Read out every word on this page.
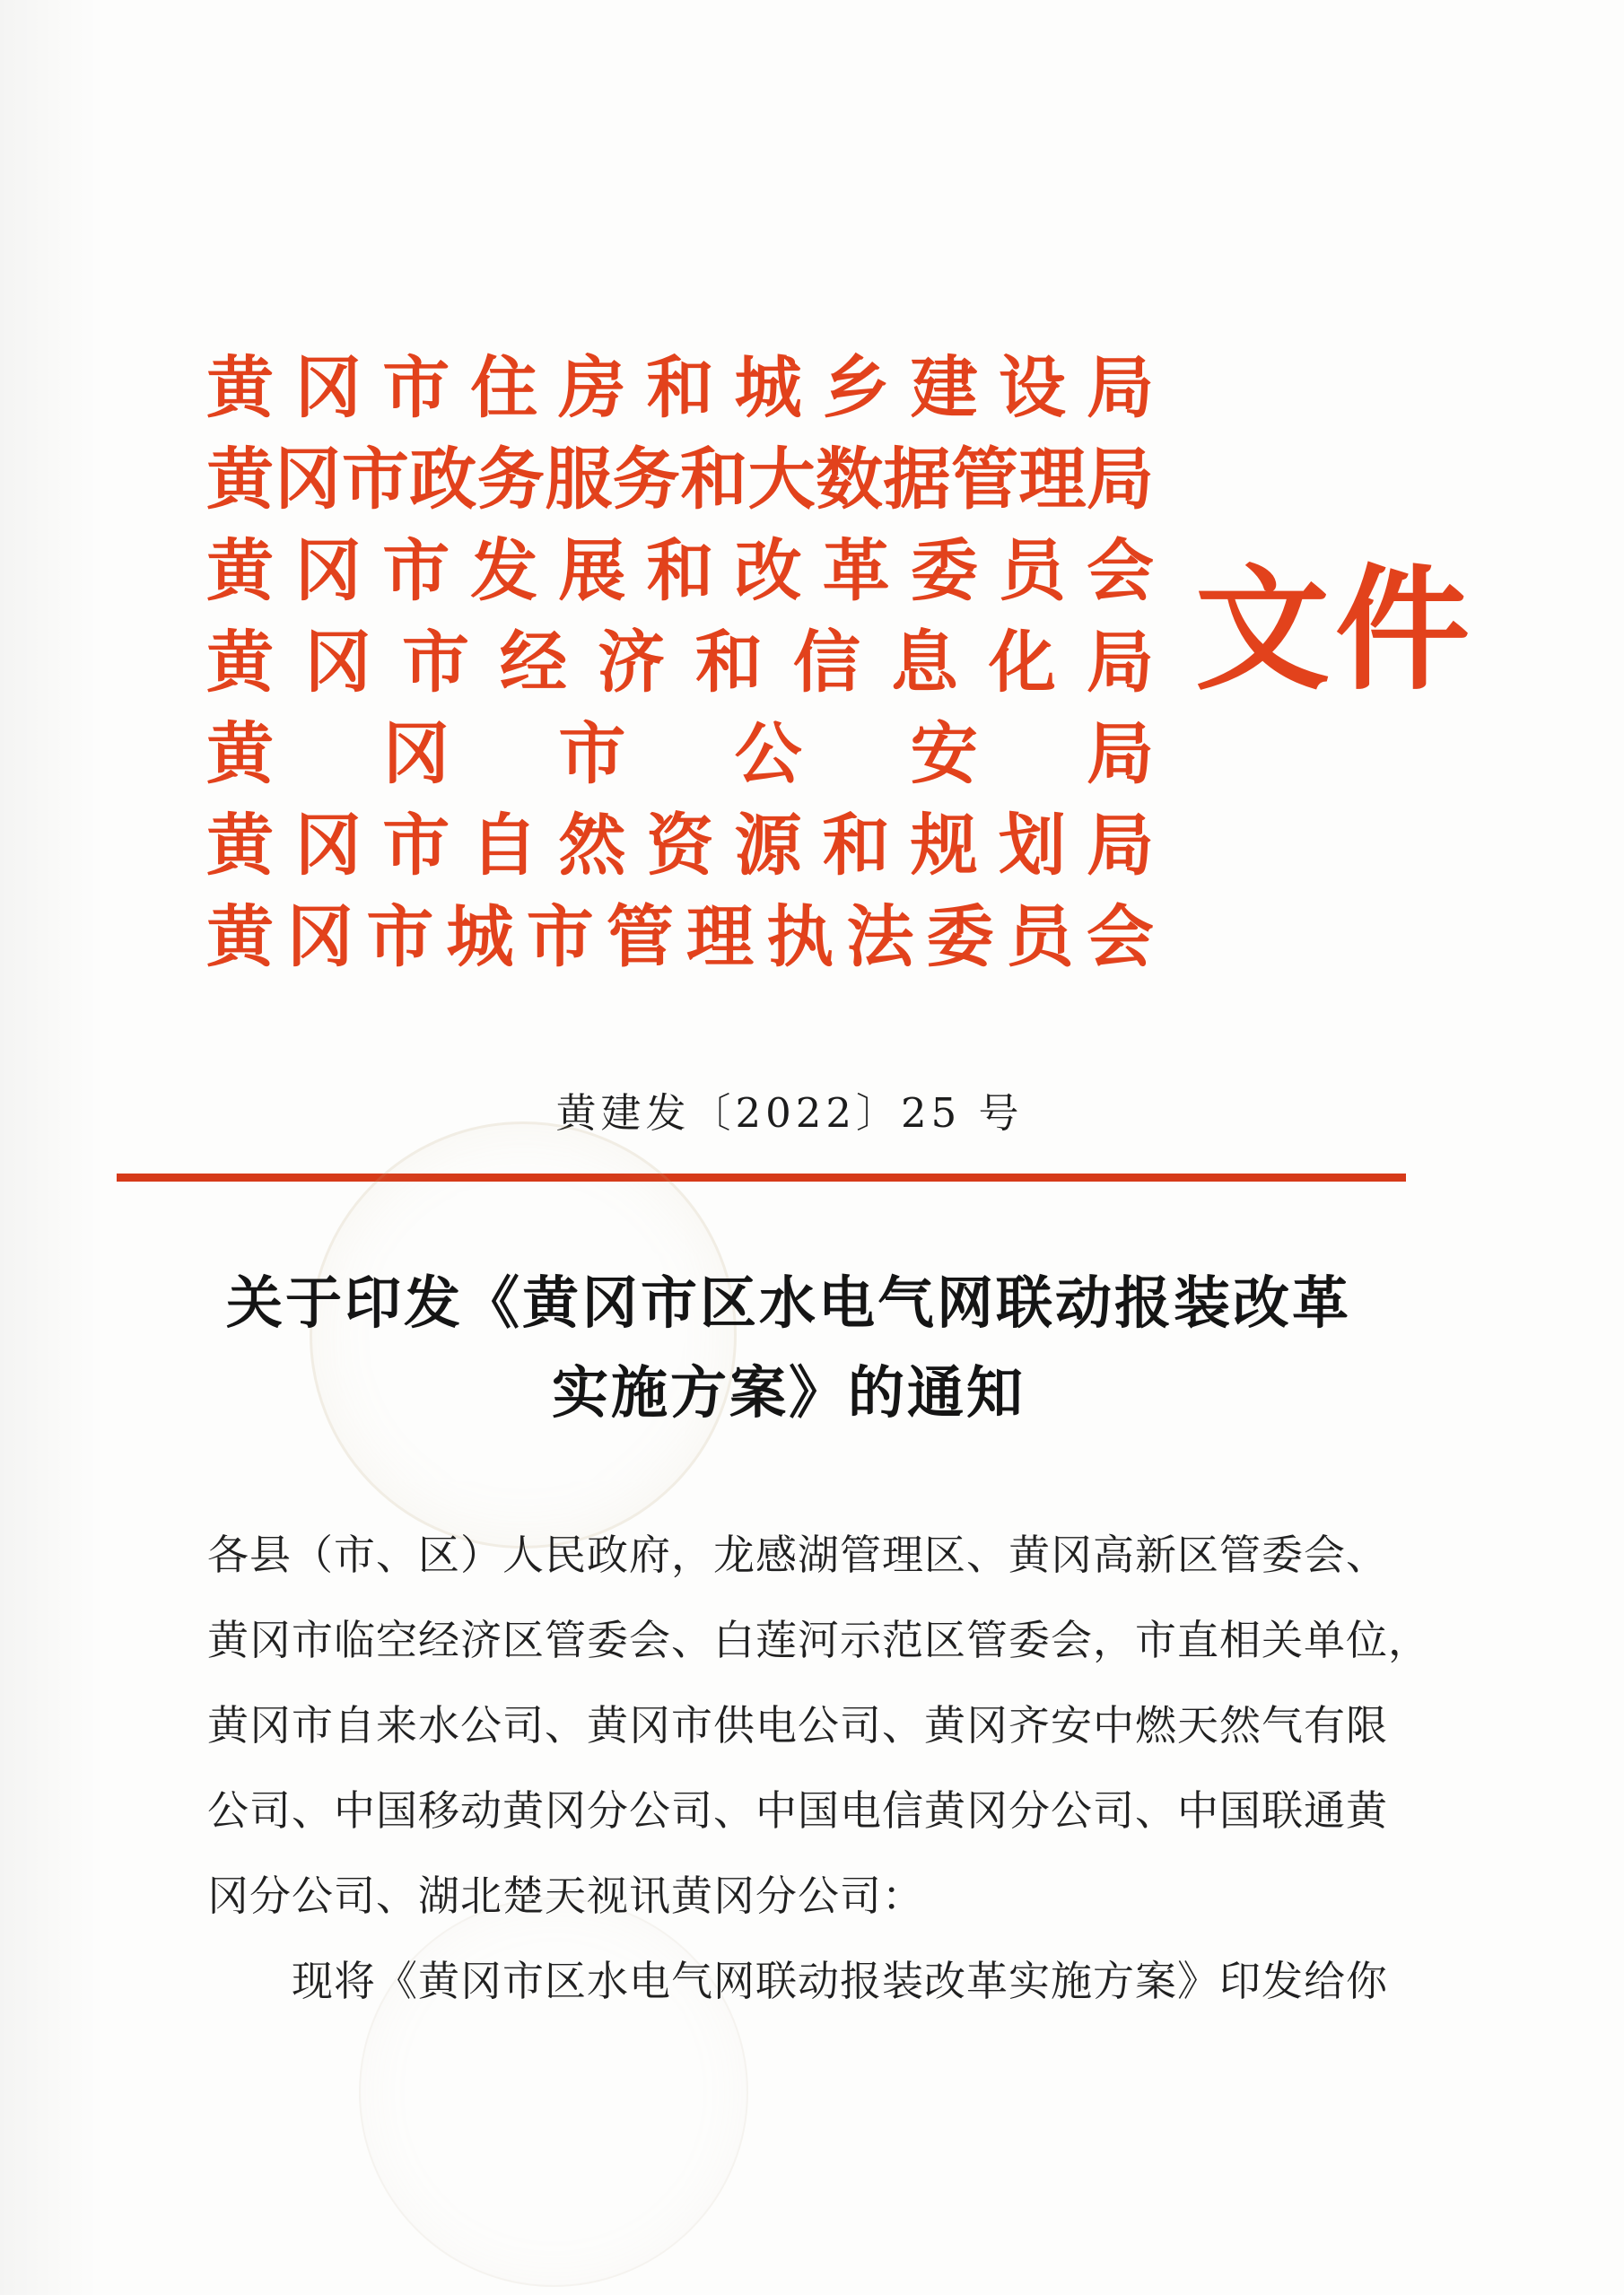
黄 冈 市 住 房 和 城 乡 建 设 局
黄 冈 市 政 务 服 务 和 大 数 据 管 理 局
黄 冈 市 发 展 和 改 革 委 员 会
黄 冈 市 经 济 和 信 息 化 局
黄 冈 市 公 安 局
黄 冈 市 自 然 资 源 和 规 划 局
黄 冈 市 城 市 管 理 执 法 委 员 会
文件
黄建发〔2022〕25 号
关于印发《黄冈市区水电气网联动报装改革
实施方案》的通知
各县（市、区）人民政府，龙感湖管理区、黄冈高新区管委会、
黄冈市临空经济区管委会、白莲河示范区管委会，市直相关单位，
黄冈市自来水公司、黄冈市供电公司、黄冈齐安中燃天然气有限
公司、中国移动黄冈分公司、中国电信黄冈分公司、中国联通黄
冈分公司、湖北楚天视讯黄冈分公司：
现将《黄冈市区水电气网联动报装改革实施方案》印发给你
